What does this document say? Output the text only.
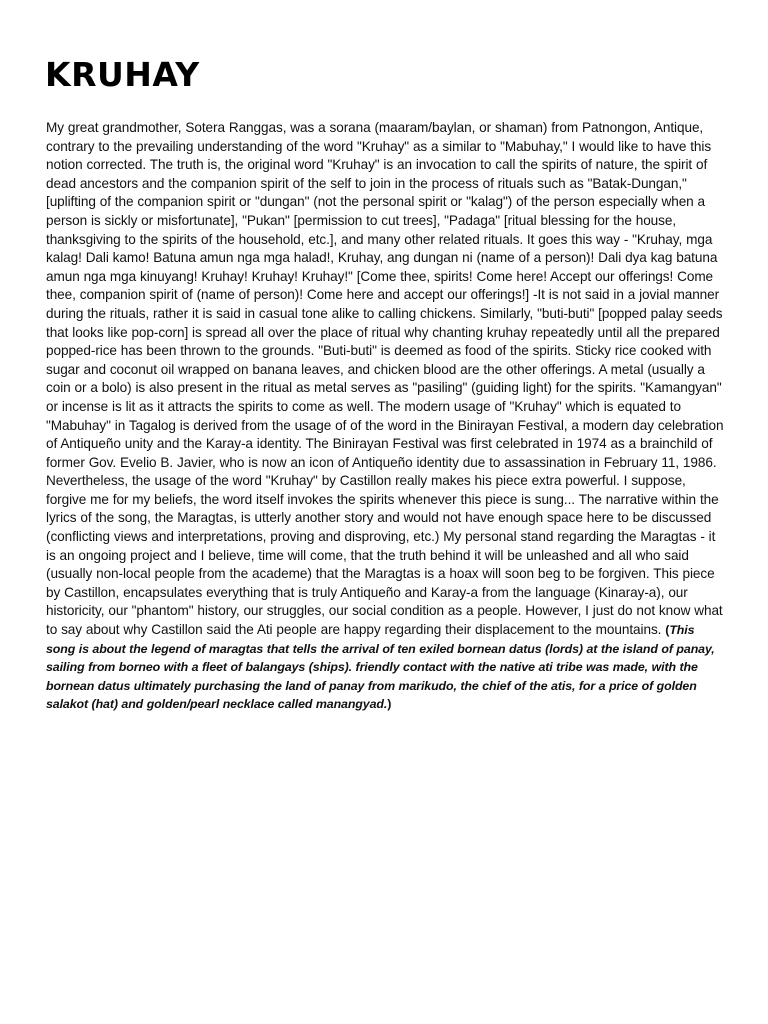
KRUHAY

My great grandmother, Sotera Ranggas, was a sorana (maaram/baylan, or shaman) from Patnongon, Antique, contrary to the prevailing understanding of the word "Kruhay" as a similar to "Mabuhay," I would like to have this notion corrected. The truth is, the original word "Kruhay" is an invocation to call the spirits of nature, the spirit of dead ancestors and the companion spirit of the self to join in the process of rituals such as "Batak-Dungan," [uplifting of the companion spirit or "dungan" (not the personal spirit or "kalag") of the person especially when a person is sickly or misfortunate], "Pukan" [permission to cut trees], "Padaga" [ritual blessing for the house, thanksgiving to the spirits of the household, etc.], and many other related rituals. It goes this way - "Kruhay, mga kalag! Dali kamo! Batuna amun nga mga halad!, Kruhay, ang dungan ni (name of a person)! Dali dya kag batuna amun nga mga kinuyang! Kruhay! Kruhay! Kruhay!" [Come thee, spirits! Come here! Accept our offerings! Come thee, companion spirit of (name of person)! Come here and accept our offerings!] -It is not said in a jovial manner during the rituals, rather it is said in casual tone alike to calling chickens. Similarly, "buti-buti" [popped palay seeds that looks like pop-corn] is spread all over the place of ritual why chanting kruhay repeatedly until all the prepared popped-rice has been thrown to the grounds. "Buti-buti" is deemed as food of the spirits. Sticky rice cooked with sugar and coconut oil wrapped on banana leaves, and chicken blood are the other offerings. A metal (usually a coin or a bolo) is also present in the ritual as metal serves as "pasiling" (guiding light) for the spirits. "Kamangyan" or incense is lit as it attracts the spirits to come as well. The modern usage of "Kruhay" which is equated to "Mabuhay" in Tagalog is derived from the usage of of the word in the Binirayan Festival, a modern day celebration of Antiqueño unity and the Karay-a identity. The Binirayan Festival was first celebrated in 1974 as a brainchild of former Gov. Evelio B. Javier, who is now an icon of Antiqueño identity due to assassination in February 11, 1986. Nevertheless, the usage of the word "Kruhay" by Castillon really makes his piece extra powerful. I suppose, forgive me for my beliefs, the word itself invokes the spirits whenever this piece is sung... The narrative within the lyrics of the song, the Maragtas, is utterly another story and would not have enough space here to be discussed (conflicting views and interpretations, proving and disproving, etc.) My personal stand regarding the Maragtas - it is an ongoing project and I believe, time will come, that the truth behind it will be unleashed and all who said (usually non-local people from the academe) that the Maragtas is a hoax will soon beg to be forgiven. This piece by Castillon, encapsulates everything that is truly Antiqueño and Karay-a from the language (Kinaray-a), our historicity, our "phantom" history, our struggles, our social condition as a people. However, I just do not know what to say about why Castillon said the Ati people are happy regarding their displacement to the mountains. (This song is about the legend of maragtas that tells the arrival of ten exiled bornean datus (lords) at the island of panay, sailing from borneo with a fleet of balangays (ships). friendly contact with the native ati tribe was made, with the bornean datus ultimately purchasing the land of panay from marikudo, the chief of the atis, for a price of golden salakot (hat) and golden/pearl necklace called manangyad.)
